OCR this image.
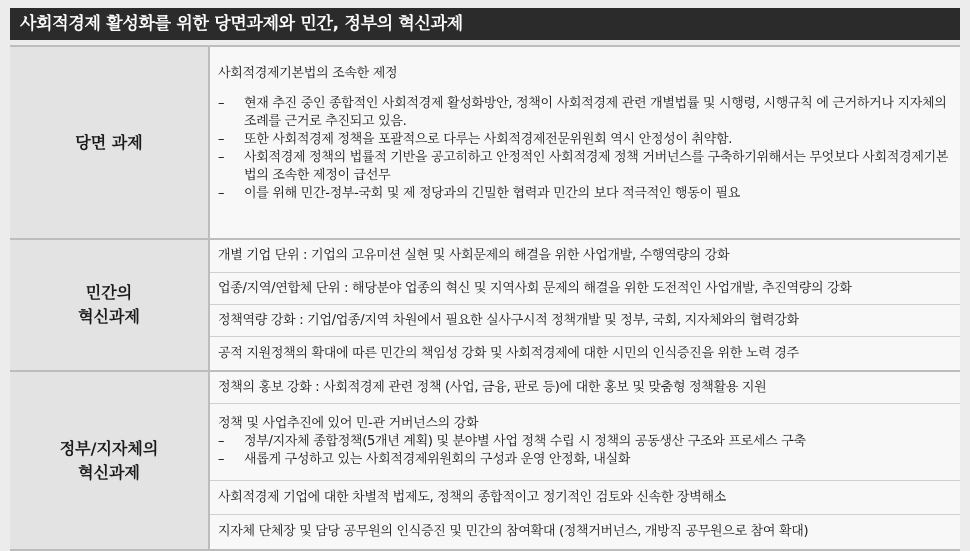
사회적경제 활성화를 위한 당면과제와 민간, 정부의 혁신과제
당면 과제
사회적경제기본법의 조속한 제정
– 현재 추진 중인 종합적인 사회적경제 활성화방안, 정책이 사회적경제 관련 개별법률 및 시행령, 시행규칙 에 근거하거나 지자체의 조례를 근거로 추진되고 있음.
– 또한 사회적경제 정책을 포괄적으로 다루는 사회적경제전문위원회 역시 안정성이 취약함.
– 사회적경제 정책의 법률적 기반을 공고히하고 안정적인 사회적경제 정책 거버넌스를 구축하기위해서는 무엇보다 사회적경제기본법의 조속한 제정이 급선무
– 이를 위해 민간-정부-국회 및 제 정당과의 긴밀한 협력과 민간의 보다 적극적인 행동이 필요
민간의
혁신과제
개별 기업 단위 : 기업의 고유미션 실현 및 사회문제의 해결을 위한 사업개발, 수행역량의 강화
업종/지역/연합체 단위 : 해당분야 업종의 혁신 및 지역사회 문제의 해결을 위한 도전적인 사업개발, 추진역량의 강화
정책역량 강화 : 기업/업종/지역 차원에서 필요한 실사구시적 정책개발 및 정부, 국회, 지자체와의 협력강화
공적 지원정책의 확대에 따른 민간의 책임성 강화 및 사회적경제에 대한 시민의 인식증진을 위한 노력 경주
정부/지자체의
혁신과제
정책의 홍보 강화 : 사회적경제 관련 정책 (사업, 금융, 판로 등)에 대한 홍보 및 맞춤형 정책활용 지원
정책 및 사업추진에 있어 민-관 거버넌스의 강화
– 정부/지자체 종합정책(5개년 계획) 및 분야별 사업 정책 수립 시 정책의 공동생산 구조와 프로세스 구축
– 새롭게 구성하고 있는 사회적경제위원회의 구성과 운영 안정화, 내실화
사회적경제 기업에 대한 차별적 법제도, 정책의 종합적이고 정기적인 검토와 신속한 장벽해소
지자체 단체장 및 담당 공무원의 인식증진 및 민간의 참여확대 (정책거버넌스, 개방직 공무원으로 참여 확대)
